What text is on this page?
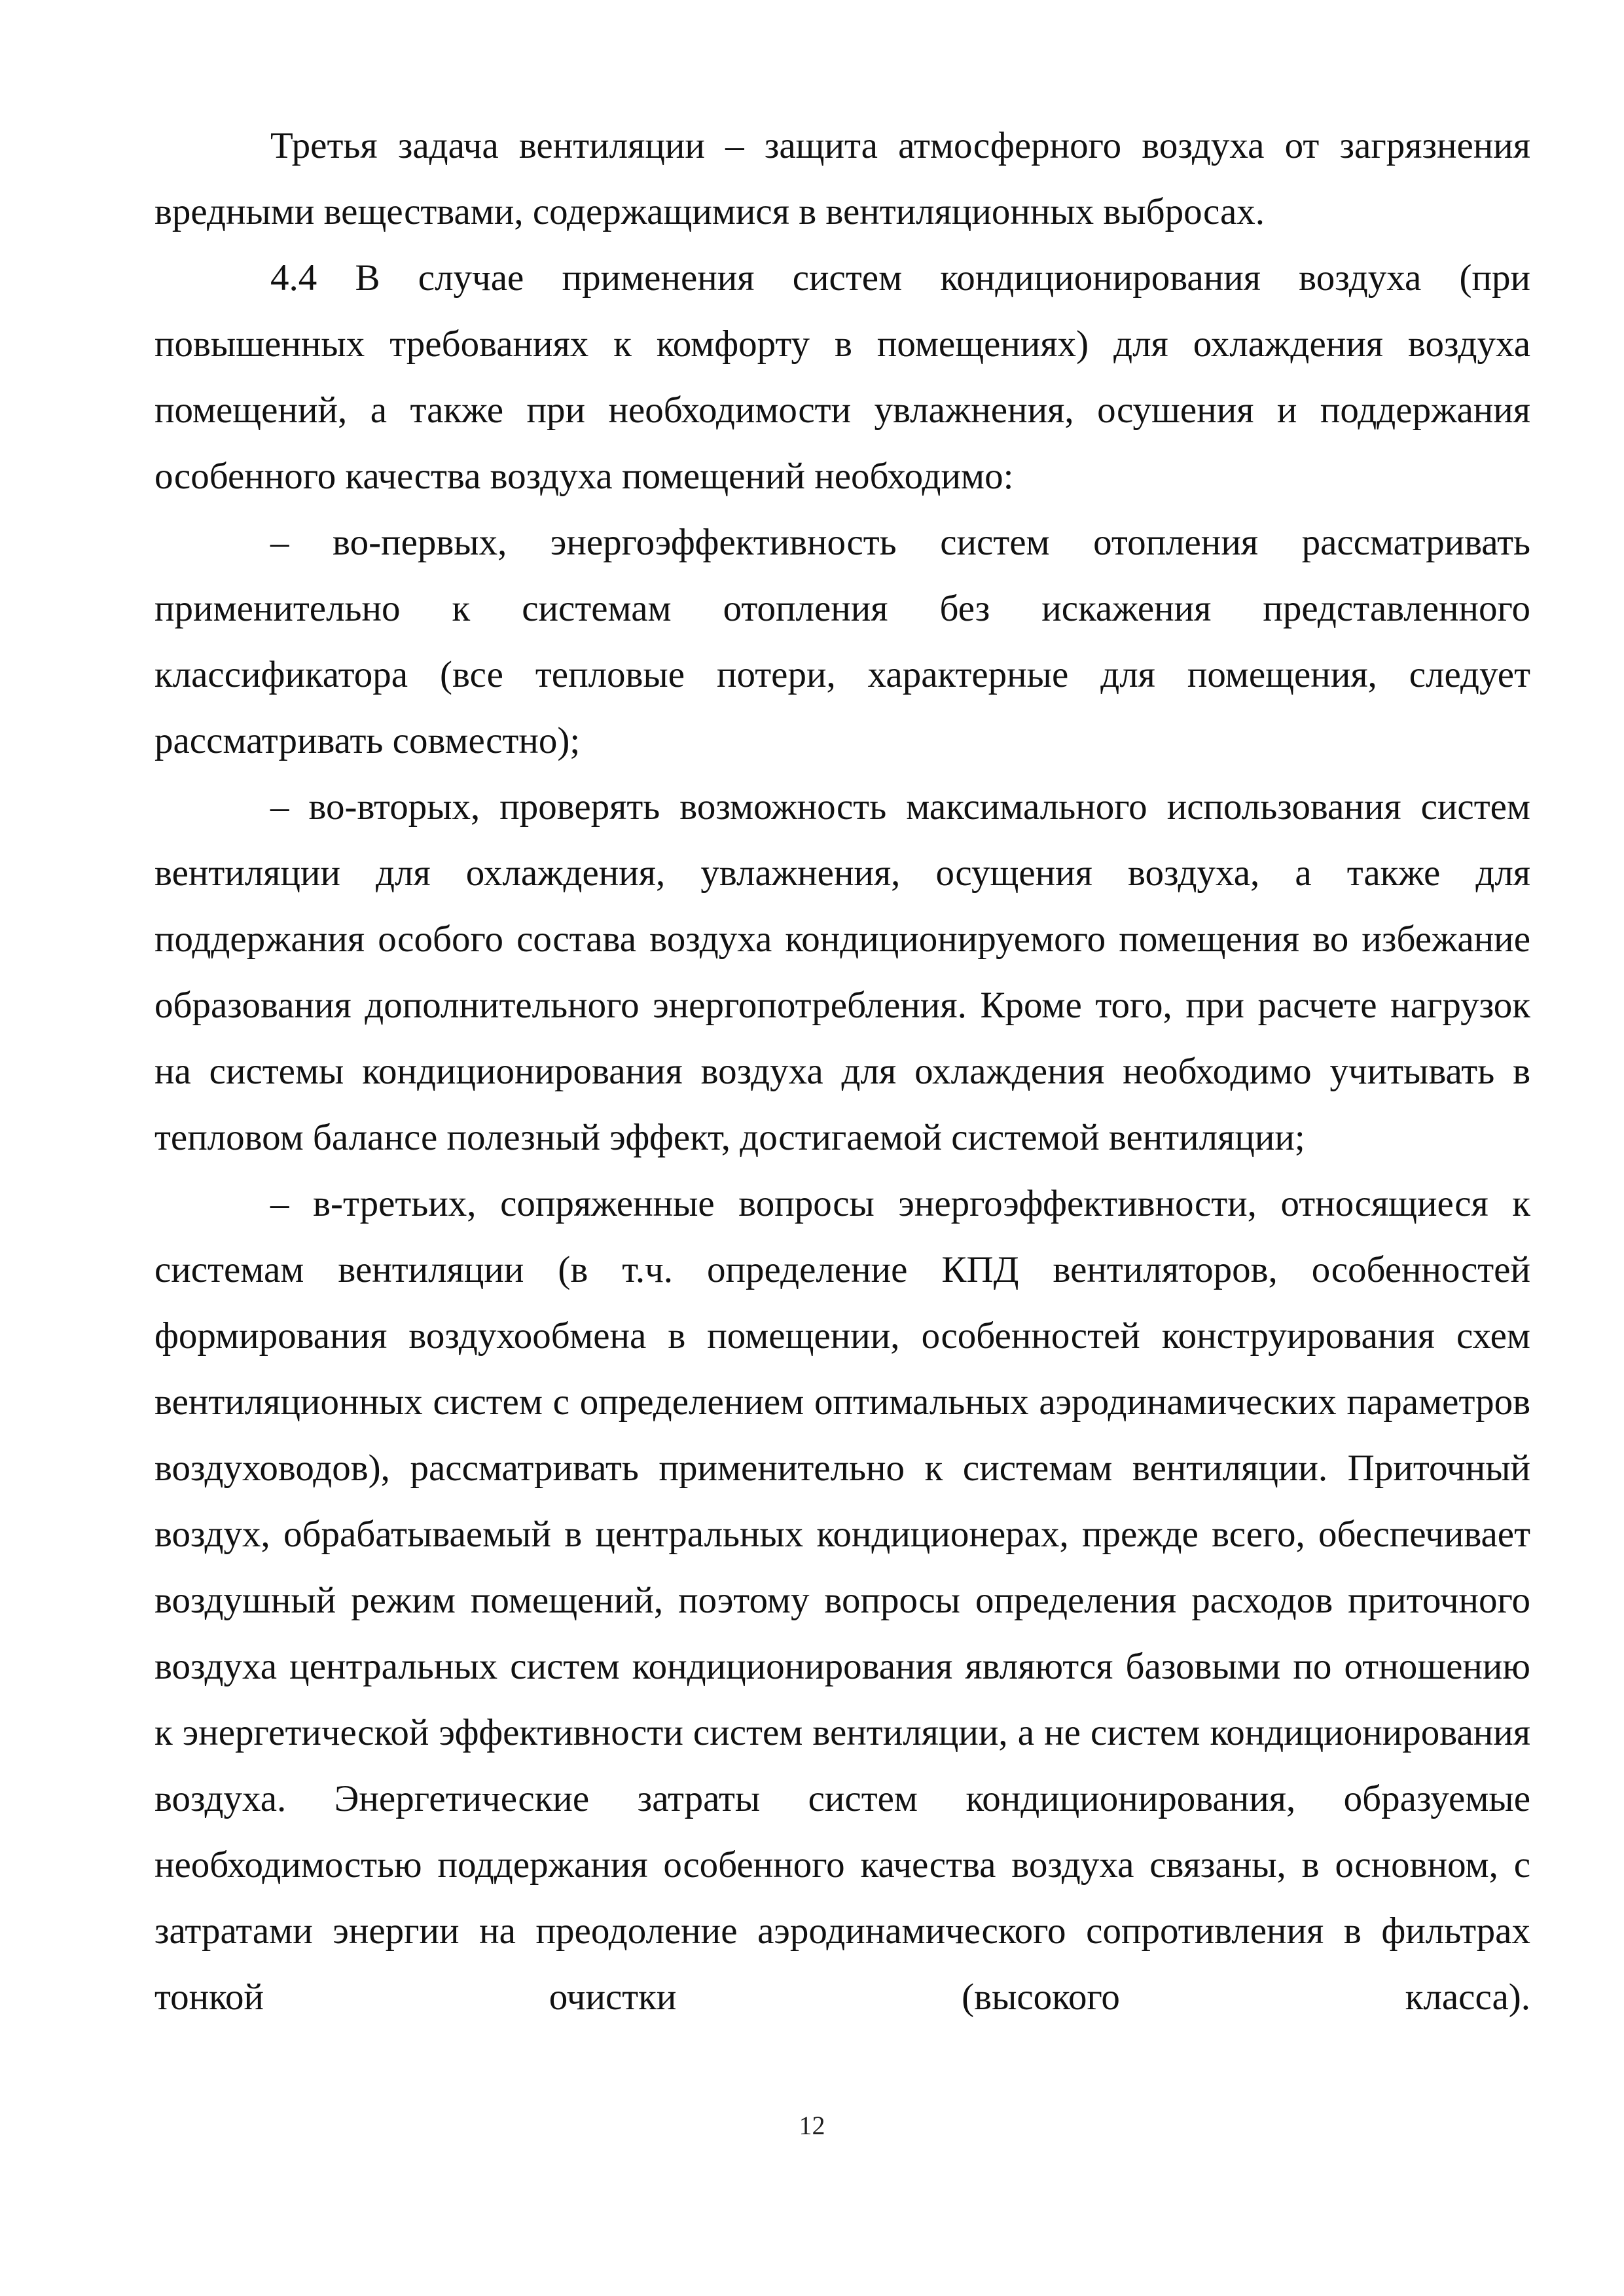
Третья задача вентиляции – защита атмосферного воздуха от загрязнения вредными веществами, содержащимися в вентиляционных выбросах.

4.4 В случае применения систем кондиционирования воздуха (при повышенных требованиях к комфорту в помещениях) для охлаждения воздуха помещений, а также при необходимости увлажнения, осушения и поддержания особенного качества воздуха помещений необходимо:

– во-первых, энергоэффективность систем отопления рассматривать применительно к системам отопления без искажения представленного классификатора (все тепловые потери, характерные для помещения, следует рассматривать совместно);

– во-вторых, проверять возможность максимального использования систем вентиляции для охлаждения, увлажнения, осущения воздуха, а также для поддержания особого состава воздуха кондиционируемого помещения во избежание образования дополнительного энергопотребления. Кроме того, при расчете нагрузок на системы кондиционирования воздуха для охлаждения необходимо учитывать в тепловом балансе полезный эффект, достигаемой системой вентиляции;

– в-третьих, сопряженные вопросы энергоэффективности, относящиеся к системам вентиляции (в т.ч. определение КПД вентиляторов, особенностей формирования воздухообмена в помещении, особенностей конструирования схем вентиляционных систем с определением оптимальных аэродинамических параметров воздуховодов), рассматривать применительно к системам вентиляции. Приточный воздух, обрабатываемый в центральных кондиционерах, прежде всего, обеспечивает воздушный режим помещений, поэтому вопросы определения расходов приточного воздуха центральных систем кондиционирования являются базовыми по отношению к энергетической эффективности систем вентиляции, а не систем кондиционирования воздуха. Энергетические затраты систем кондиционирования, образуемые необходимостью поддержания особенного качества воздуха связаны, в основном, с затратами энергии на преодоление аэродинамического сопротивления в фильтрах тонкой очистки (высокого класса).

12
